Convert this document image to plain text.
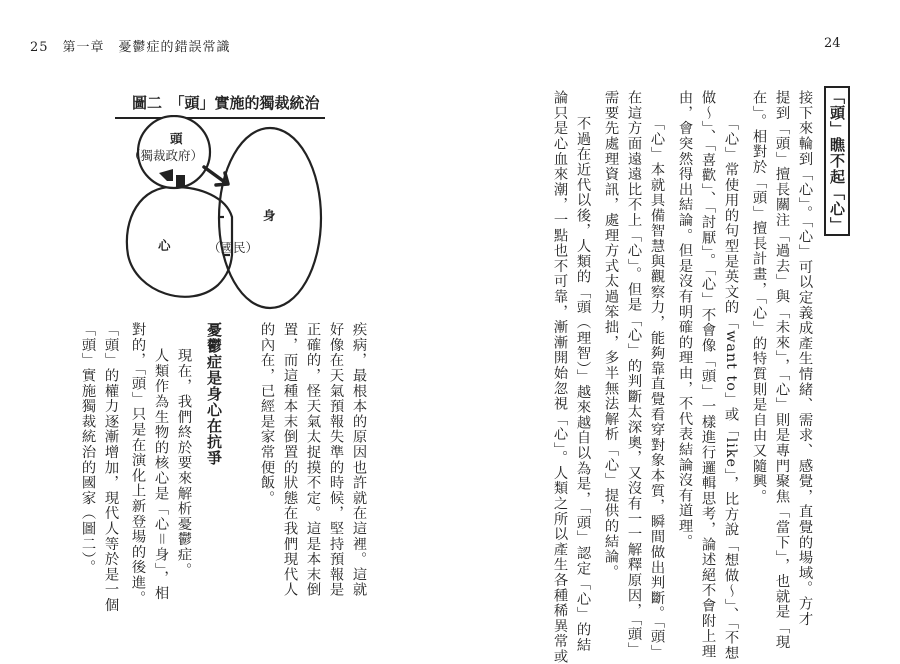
25　第一章　憂鬱症的錯誤常識	24
「頭」瞧不起「心」
接下來輪到「心」。「心」可以定義成產生情緒、需求、感覺，直覺的場域。方才
提到「頭」擅長關注「過去」與「未來」，「心」則是專門聚焦「當下」，也就是「現
在」。相對於「頭」擅長計畫，「心」的特質則是自由又隨興。
「心」常使用的句型是英文的「want to」或「like」，比方說「想做～」、「不想
做～」、「喜歡」、「討厭」。「心」不會像「頭」一樣進行邏輯思考，論述絕不會附上理
由，會突然得出結論。但是沒有明確的理由，不代表結論沒有道理。
「心」本就具備智慧與觀察力，能夠靠直覺看穿對象本質，瞬間做出判斷。「頭」
在這方面遠遠比不上「心」。但是「心」的判斷太深奧，又沒有一一解釋原因，「頭」
需要先處理資訊，處理方式太過笨拙，多半無法解析「心」提供的結論。
不過在近代以後，人類的「頭（理智）」越來越自以為是，「頭」認定「心」的結
論只是心血來潮，一點也不可靠，漸漸開始忽視「心」。人類之所以產生各種稀異常或
疾病，最根本的原因也許就在這裡。這就
好像在天氣預報失準的時候，堅持預報是
正確的，怪天氣太捉摸不定。這是本末倒
置，而這種本末倒置的狀態在我們現代人
的內在，已經是家常便飯。
憂鬱症是身心在抗爭
現在，我們終於要來解析憂鬱症。
人類作為生物的核心是「心＝身」，相
對的，「頭」只是在演化上新登場的後進。
「頭」的權力逐漸增加，現代人等於是一個
「頭」實施獨裁統治的國家（圖二）。
圖二　「頭」實施的獨裁統治
頭
（獨裁政府）
心	（國民）
身
